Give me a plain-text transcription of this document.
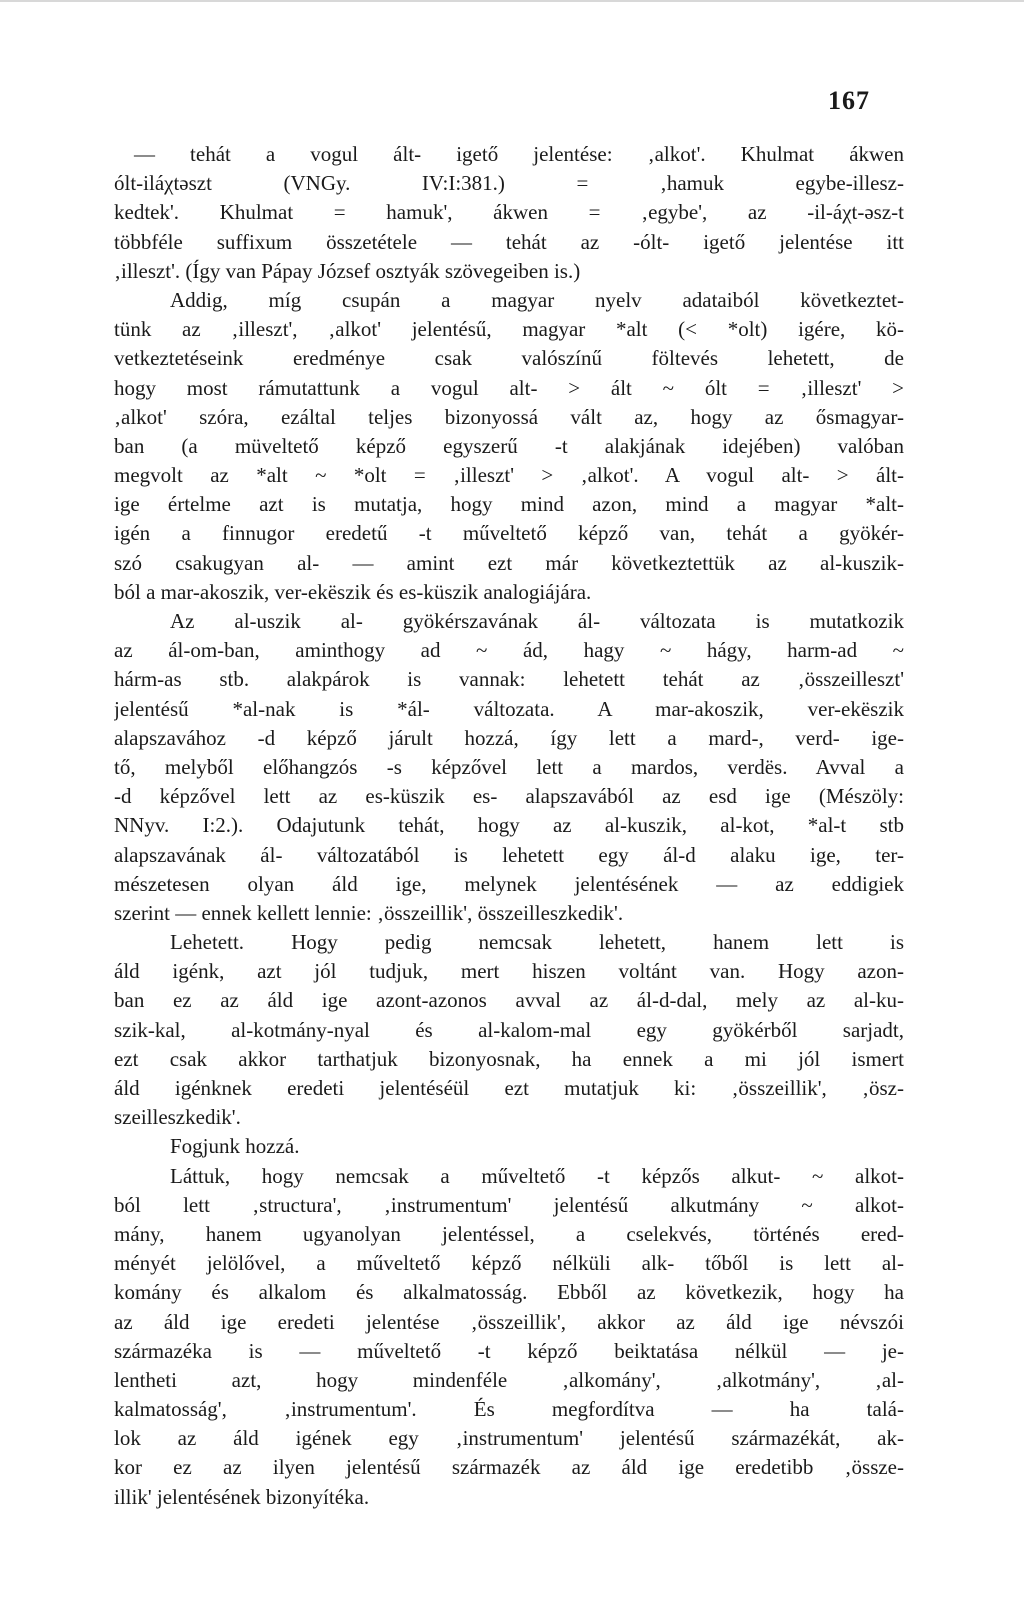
167
— tehát a vogul ált- igető jelentése: ‚alkot'. Khulmat ákwen
ólt-iláχtəszt (VNGy. IV:I:381.) = ‚hamuk egybe-illesz-
kedtek'. Khulmat = hamuk', ákwen = ‚egybe', az -il-áχt-əsz-t
többféle suffixum összetétele — tehát az -ólt- igető jelentése itt
‚illeszt'. (Így van Pápay József osztyák szövegeiben is.)
Addig, míg csupán a magyar nyelv adataiból következtet-
tünk az ‚illeszt', ‚alkot' jelentésű, magyar *alt (< *olt) igére, kö-
vetkeztetéseink eredménye csak valószínű föltevés lehetett, de
hogy most rámutattunk a vogul alt- > ált ~ ólt = ‚illeszt' >
‚alkot' szóra, ezáltal teljes bizonyossá vált az, hogy az ősmagyar-
ban (a müveltető képző egyszerű -t alakjának idejében) valóban
megvolt az *alt ~ *olt = ‚illeszt' > ‚alkot'. A vogul alt- > ált-
ige értelme azt is mutatja, hogy mind azon, mind a magyar *alt-
igén a finnugor eredetű -t műveltető képző van, tehát a gyökér-
szó csakugyan al- — amint ezt már következtettük az al-kuszik-
ból a mar-akoszik, ver-ekëszik és es-küszik analogiájára.
Az al-uszik al- gyökérszavának ál- változata is mutatkozik
az ál-om-ban, aminthogy ad ~ ád, hagy ~ hágy, harm-ad ~
hárm-as stb. alakpárok is vannak: lehetett tehát az ‚összeilleszt'
jelentésű *al-nak is *ál- változata. A mar-akoszik, ver-ekëszik
alapszavához -d képző járult hozzá, így lett a mard-, verd- ige-
tő, melyből előhangzós -s képzővel lett a mardos, verdës. Avval a
-d képzővel lett az es-küszik es- alapszavából az esd ige (Mészöly:
NNyv. I:2.). Odajutunk tehát, hogy az al-kuszik, al-kot, *al-t stb
alapszavának ál- változatából is lehetett egy ál-d alaku ige, ter-
mészetesen olyan áld ige, melynek jelentésének — az eddigiek
szerint — ennek kellett lennie: ‚összeillik', összeilleszkedik'.
Lehetett. Hogy pedig nemcsak lehetett, hanem lett is
áld igénk, azt jól tudjuk, mert hiszen voltánt van. Hogy azon-
ban ez az áld ige azont-azonos avval az ál-d-dal, mely az al-ku-
szik-kal, al-kotmány-nyal és al-kalom-mal egy gyökérből sarjadt,
ezt csak akkor tarthatjuk bizonyosnak, ha ennek a mi jól ismert
áld igénknek eredeti jelentéséül ezt mutatjuk ki: ‚összeillik', ‚ösz-
szeilleszkedik'.
Fogjunk hozzá.
Láttuk, hogy nemcsak a műveltető -t képzős alkut- ~ alkot-
ból lett ‚structura', ‚instrumentum' jelentésű alkutmány ~ alkot-
mány, hanem ugyanolyan jelentéssel, a cselekvés, történés ered-
ményét jelölővel, a műveltető képző nélküli alk- tőből is lett al-
komány és alkalom és alkalmatosság. Ebből az következik, hogy ha
az áld ige eredeti jelentése ‚összeillik', akkor az áld ige névszói
származéka is — műveltető -t képző beiktatása nélkül — je-
lentheti azt, hogy mindenféle ‚alkomány', ‚alkotmány', ‚al-
kalmatosság', ‚instrumentum'. És megfordítva — ha talá-
lok az áld igének egy ‚instrumentum' jelentésű származékát, ak-
kor ez az ilyen jelentésű származék az áld ige eredetibb ‚össze-
illik' jelentésének bizonyítéka.
